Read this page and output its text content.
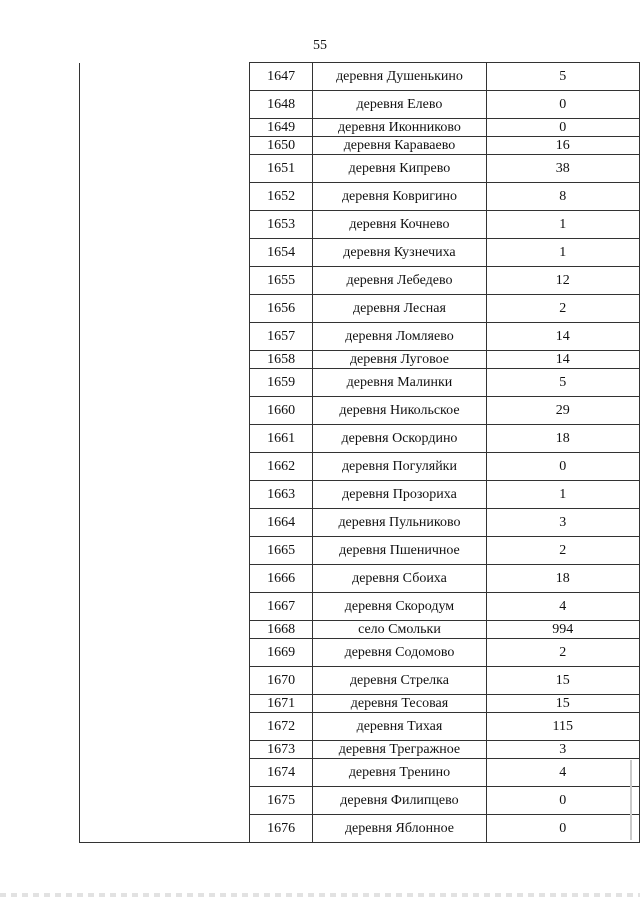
55
	1647	деревня Душенькино	5
	1648	деревня Елево	0
	1649	деревня Иконниково	0
	1650	деревня Караваево	16
	1651	деревня Кипрево	38
	1652	деревня Ковригино	8
	1653	деревня Кочнево	1
	1654	деревня Кузнечиха	1
	1655	деревня Лебедево	12
	1656	деревня Лесная	2
	1657	деревня Ломляево	14
	1658	деревня Луговое	14
	1659	деревня Малинки	5
	1660	деревня Никольское	29
	1661	деревня Оскордино	18
	1662	деревня Погуляйки	0
	1663	деревня Прозориха	1
	1664	деревня Пульниково	3
	1665	деревня Пшеничное	2
	1666	деревня Сбоиха	18
	1667	деревня Скородум	4
	1668	село Смольки	994
	1669	деревня Содомово	2
	1670	деревня Стрелка	15
	1671	деревня Тесовая	15
	1672	деревня Тихая	115
	1673	деревня Трегражное	3
	1674	деревня Тренино	4
	1675	деревня Филипцево	0
	1676	деревня Яблонное	0
